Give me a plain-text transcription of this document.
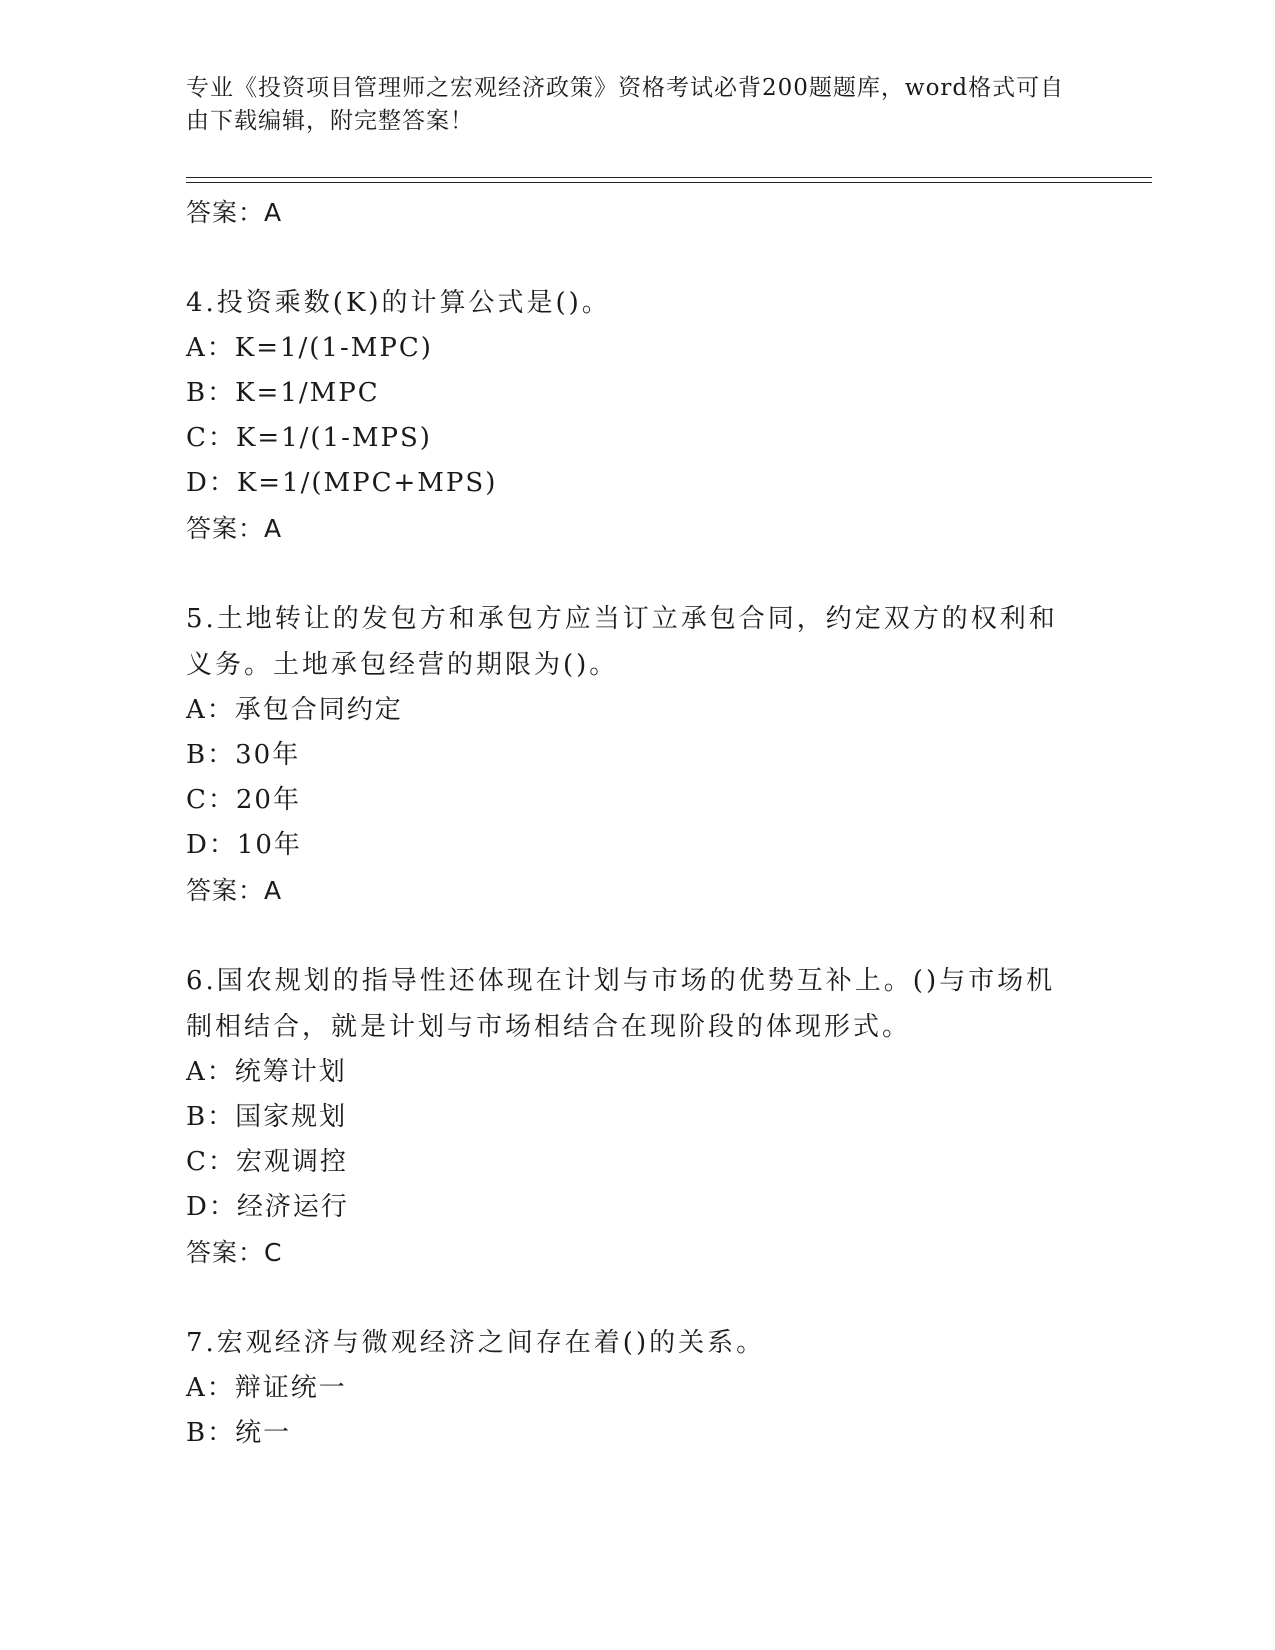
专业《投资项目管理师之宏观经济政策》资格考试必背200题题库，word格式可自由下载编辑，附完整答案！
答案：A
4.投资乘数(K)的计算公式是()。
A：K=1/(1-MPC)
B：K=1/MPC
C：K=1/(1-MPS)
D：K=1/(MPC+MPS)
答案：A
5.土地转让的发包方和承包方应当订立承包合同，约定双方的权利和义务。土地承包经营的期限为()。
A：承包合同约定
B：30年
C：20年
D：10年
答案：A
6.国农规划的指导性还体现在计划与市场的优势互补上。()与市场机制相结合，就是计划与市场相结合在现阶段的体现形式。
A：统筹计划
B：国家规划
C：宏观调控
D：经济运行
答案：C
7.宏观经济与微观经济之间存在着()的关系。
A：辩证统一
B：统一
